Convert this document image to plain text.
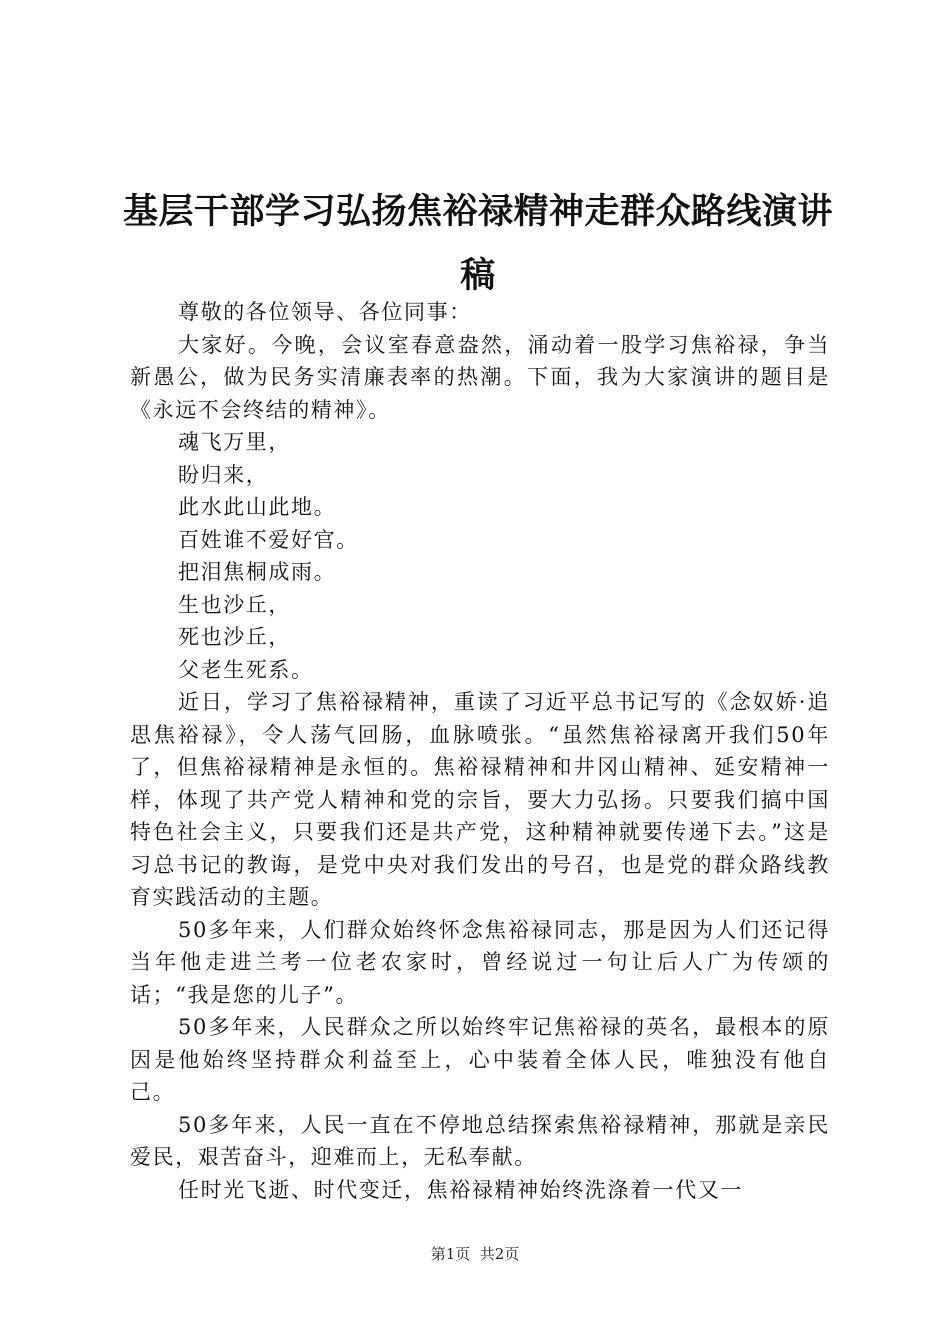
基层干部学习弘扬焦裕禄精神走群众路线演讲稿

尊敬的各位领导、各位同事：

大家好。今晚，会议室春意盎然，涌动着一股学习焦裕禄，争当新愚公，做为民务实清廉表率的热潮。下面，我为大家演讲的题目是《永远不会终结的精神》。

魂飞万里，

盼归来，

此水此山此地。

百姓谁不爱好官。

把泪焦桐成雨。

生也沙丘，

死也沙丘，

父老生死系。

近日，学习了焦裕禄精神，重读了习近平总书记写的《念奴娇·追思焦裕禄》，令人荡气回肠，血脉喷张。“虽然焦裕禄离开我们50年了，但焦裕禄精神是永恒的。焦裕禄精神和井冈山精神、延安精神一样，体现了共产党人精神和党的宗旨，要大力弘扬。只要我们搞中国特色社会主义，只要我们还是共产党，这种精神就要传递下去。”这是习总书记的教诲，是党中央对我们发出的号召，也是党的群众路线教育实践活动的主题。

50多年来，人们群众始终怀念焦裕禄同志，那是因为人们还记得当年他走进兰考一位老农家时，曾经说过一句让后人广为传颂的话；“我是您的儿子”。

50多年来，人民群众之所以始终牢记焦裕禄的英名，最根本的原因是他始终坚持群众利益至上，心中装着全体人民，唯独没有他自己。

50多年来，人民一直在不停地总结探索焦裕禄精神，那就是亲民爱民，艰苦奋斗，迎难而上，无私奉献。

任时光飞逝、时代变迁，焦裕禄精神始终洗涤着一代又一

第1页  共2页
